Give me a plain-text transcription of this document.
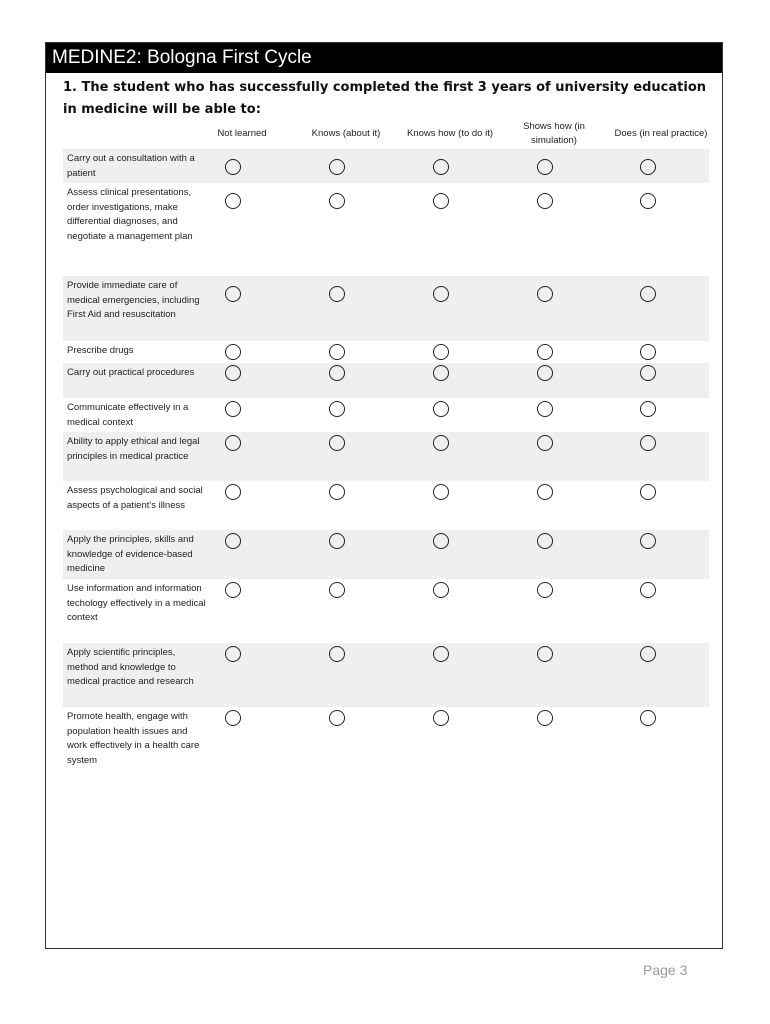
MEDINE2: Bologna First Cycle
1. The student who has successfully completed the first 3 years of university education in medicine will be able to:
Not learned	Knows (about it)	Knows how (to do it)
Shows how (in simulation)
Does (in real practice)
Carry out a consultation with a patient
Assess clinical presentations, order investigations, make differential diagnoses, and negotiate a management plan
Provide immediate care of medical emergencies, including First Aid and resuscitation
Prescribe drugs
Carry out practical procedures
Communicate effectively in a medical context
Ability to apply ethical and legal principles in medical practice
Assess psychological and social aspects of a patient's illness
Apply the principles, skills and knowledge of evidence-based medicine
Use information and information techology effectively in a medical context
Apply scientific principles, method and knowledge to medical practice and research
Promote health, engage with population health issues and work effectively in a health care system
Page 3
